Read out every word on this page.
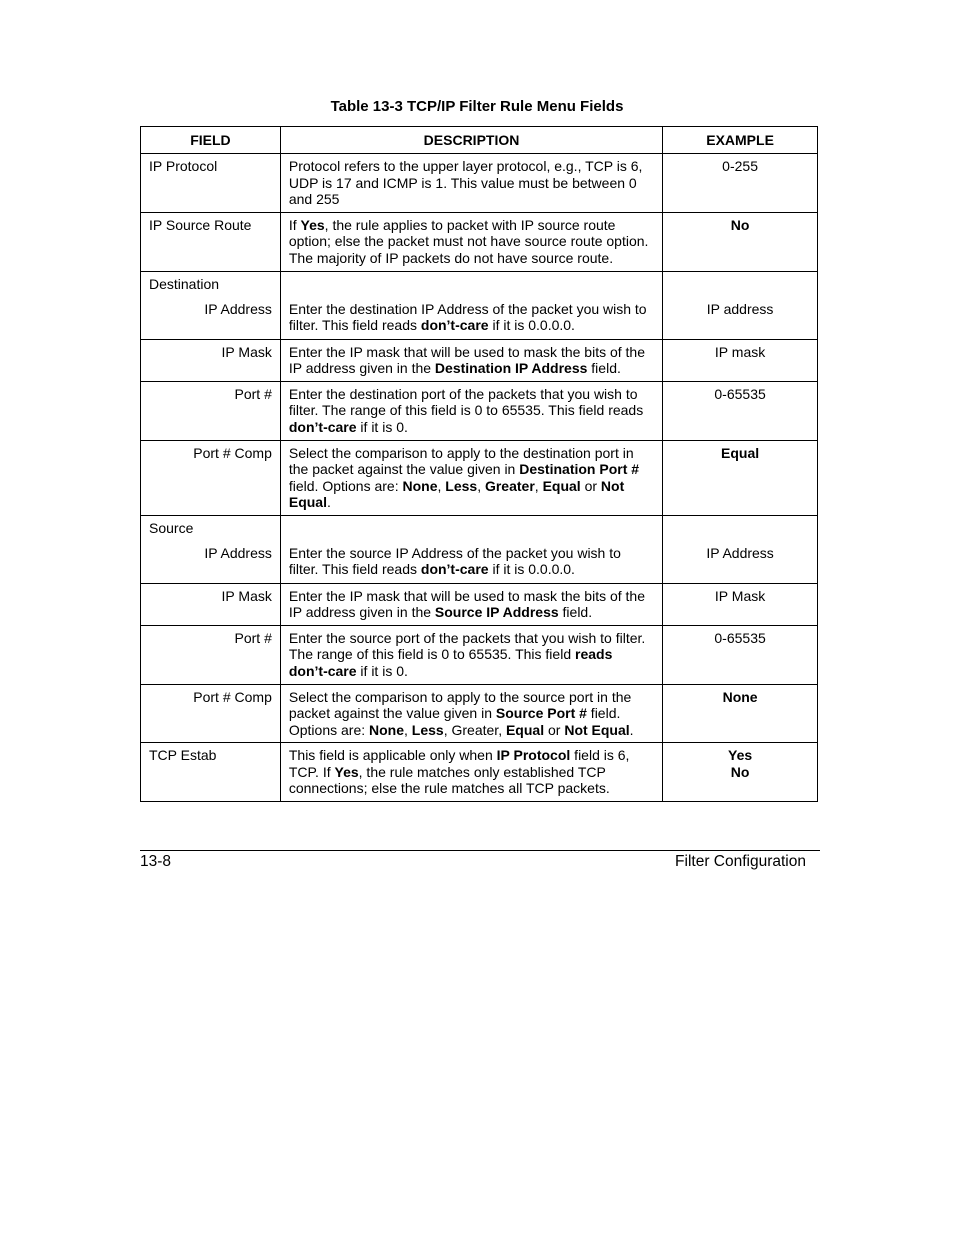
Table 13-3 TCP/IP Filter Rule Menu Fields
FIELD	DESCRIPTION	EXAMPLE
IP Protocol	Protocol refers to the upper layer protocol, e.g., TCP is 6, UDP is 17 and ICMP is 1. This value must be between 0 and 255	0-255
IP Source Route	If Yes, the rule applies to packet with IP source route option; else the packet must not have source route option. The majority of IP packets do not have source route.	No

Destination
IP Address	Enter the destination IP Address of the packet you wish to filter. This field reads don’t-care if it is 0.0.0.0.	IP address
IP Mask	Enter the IP mask that will be used to mask the bits of the IP address given in the Destination IP Address field.	IP mask
Port #	Enter the destination port of the packets that you wish to filter. The range of this field is 0 to 65535. This field reads don’t-care if it is 0.	0-65535
Port # Comp	Select the comparison to apply to the destination port in the packet against the value given in Destination Port # field. Options are: None, Less, Greater, Equal or Not Equal.	Equal

Source
IP Address	Enter the source IP Address of the packet you wish to filter. This field reads don’t-care if it is 0.0.0.0.	IP Address
IP Mask	Enter the IP mask that will be used to mask the bits of the IP address given in the Source IP Address field.	IP Mask
Port #	Enter the source port of the packets that you wish to filter. The range of this field is 0 to 65535. This field reads don’t-care if it is 0.	0-65535
Port # Comp	Select the comparison to apply to the source port in the packet against the value given in Source Port # field. Options are: None, Less, Greater, Equal or Not Equal.	None
TCP Estab	This field is applicable only when IP Protocol field is 6, TCP. If Yes, the rule matches only established TCP connections; else the rule matches all TCP packets.	Yes
No
13-8	Filter Configuration
